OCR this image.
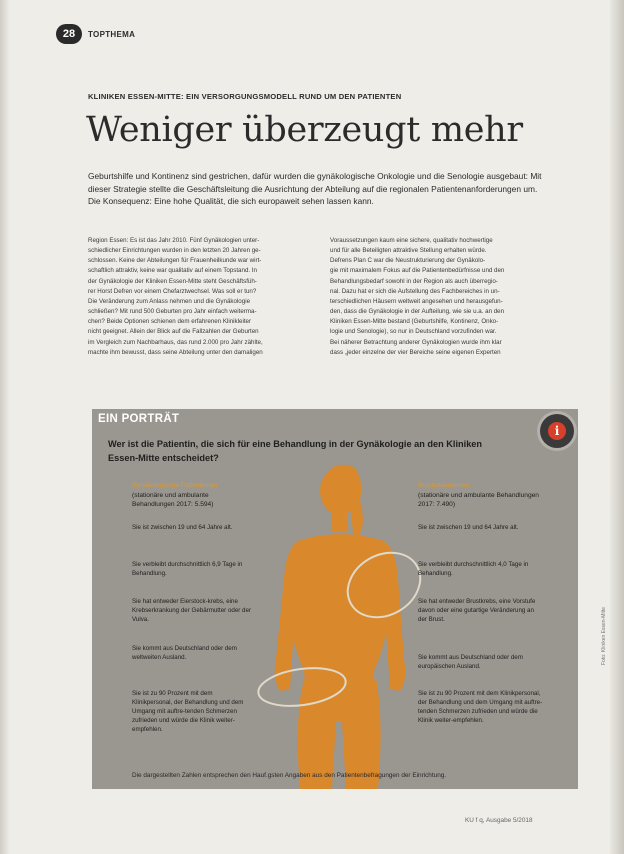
28	TOPTHEMA
KLINIKEN ESSEN-MITTE: EIN VERSORGUNGSMODELL RUND UM DEN PATIENTEN
Weniger überzeugt mehr
Geburtshilfe und Kontinenz sind gestrichen, dafür wurden die gynäkologische Onkologie und die Senologie ausgebaut: Mit dieser Strategie stellte die Geschäftsleitung die Ausrichtung der Abteilung auf die regionalen Patientenanforderungen um. Die Konsequenz: Eine hohe Qualität, die sich europaweit sehen lassen kann.
Region Essen: Es ist das Jahr 2010. Fünf Gynäkologien unter-
schiedlicher Einrichtungen wurden in den letzten 20 Jahren ge-
schlossen. Keine der Abteilungen für Frauenheilkunde war wirt-
schaftlich attraktiv, keine war qualitativ auf einem Topstand. In
der Gynäkologie der Kliniken Essen-Mitte steht Geschäftsfüh-
rer Horst Defren vor einem Chefarztwechsel. Was soll er tun?
Die Veränderung zum Anlass nehmen und die Gynäkologie
schließen? Mit rund 500 Geburten pro Jahr einfach weiterma-
chen? Beide Optionen schienen dem erfahrenen Klinikleiter
nicht geeignet. Allein der Blick auf die Fallzahlen der Geburten
im Vergleich zum Nachbarhaus, das rund 2.000 pro Jahr zählte,
machte ihm bewusst, dass seine Abteilung unter den damaligen
Voraussetzungen kaum eine sichere, qualitativ hochwertige
und für alle Beteiligten attraktive Stellung erhalten würde.
Defrens Plan C war die Neustrukturierung der Gynäkolo-
gie mit maximalem Fokus auf die Patientenbedürfnisse und den
Behandlungsbedarf sowohl in der Region als auch überregio-
nal. Dazu hat er sich die Aufstellung des Fachbereiches in un-
terschiedlichen Häusern weltweit angesehen und herausgefun-
den, dass die Gynäkologie in der Aufteilung, wie sie u.a. an den
Kliniken Essen-Mitte bestand (Geburtshilfe, Kontinenz, Onko-
logie und Senologie), so nur in Deutschland vorzufinden war.
Bei näherer Betrachtung anderer Gynäkologien wurde ihm klar
dass „jeder einzelne der vier Bereiche seine eigenen Experten
EIN PORTRÄT
Wer ist die Patientin, die sich für eine Behandlung in der Gynäkologie an den Kliniken Essen-Mitte entscheidet?
i
Gynäkologische Patientinnen
(stationäre und ambulante Behandlungen 2017: 5.594)
Sie ist zwischen 19 und 64 Jahre alt.
Sie verbleibt durchschnittlich 6,9 Tage in Behandlung.
Sie hat entweder Eierstock-krebs, eine Krebserkrankung der Gebärmutter oder der Vulva.
Sie kommt aus Deutschland oder dem weltweiten Ausland.
Sie ist zu 90 Prozent mit dem Klinikpersonal, der Behandlung und dem Umgang mit auftre-tenden Schmerzen zufrieden und würde die Klinik weiter-empfehlen.
Brustpatientinnen
(stationäre und ambulante Behandlungen 2017: 7.490)
Sie ist zwischen 19 und 64 Jahre alt.
Sie verbleibt durchschnittlich 4,0 Tage in Behandlung.
Sie hat entweder Brustkrebs, eine Vorstufe davon oder eine gutartige Veränderung an der Brust.
Sie kommt aus Deutschland oder dem europäischen Ausland.
Sie ist zu 90 Prozent mit dem Klinikpersonal, der Behandlung und dem Umgang mit auftre-tenden Schmerzen zufrieden und würde die Klinik weiter-empfehlen.
Die dargestellten Zahlen entsprechen den Hauf.gsten Angaben aus den Patientenbefragungen der Einrichtung.
KU f q, Ausgabe 5/2018
Foto: Kliniken Essen-Mitte
